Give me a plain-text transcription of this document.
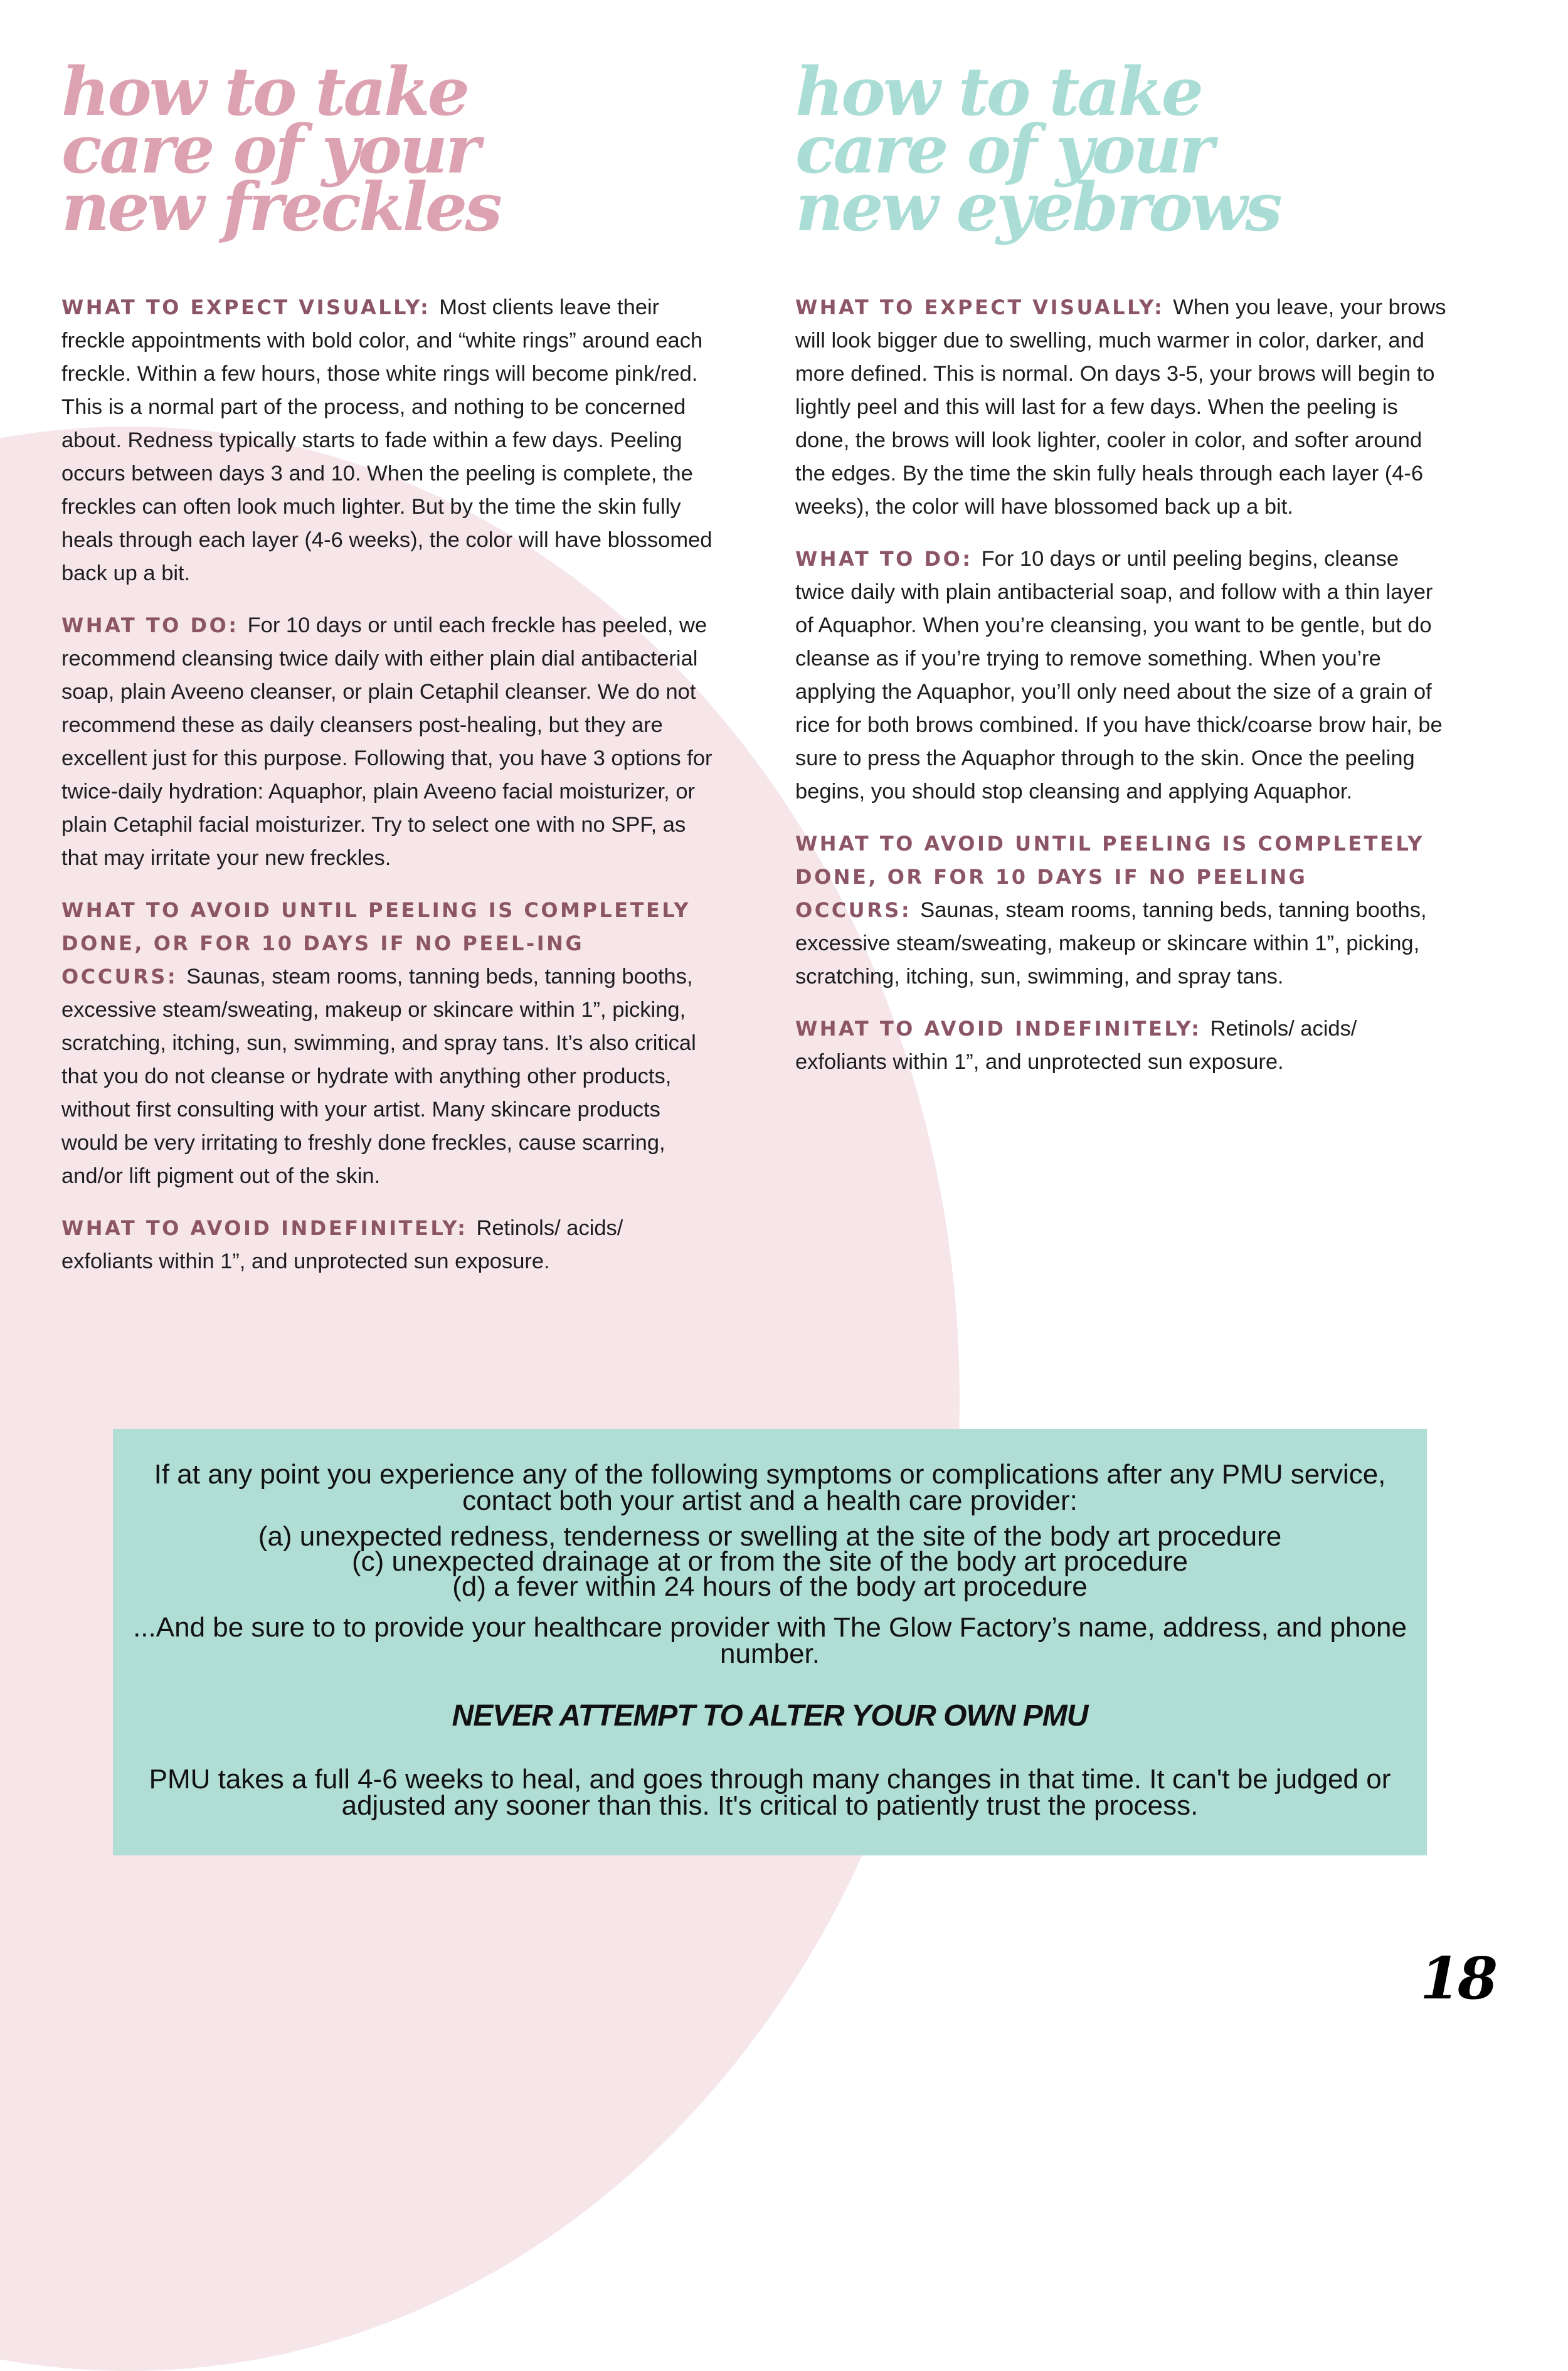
how to take
care of your
new freckles

WHAT TO EXPECT VISUALLY: Most clients leave their freckle appointments with bold color, and “white rings” around each freckle. Within a few hours, those white rings will become pink/red. This is a normal part of the process, and nothing to be concerned about. Redness typically starts to fade within a few days. Peeling occurs between days 3 and 10. When the peeling is complete, the freckles can often look much lighter. But by the time the skin fully heals through each layer (4-6 weeks), the color will have blossomed back up a bit.

WHAT TO DO: For 10 days or until each freckle has peeled, we recommend cleansing twice daily with either plain dial antibacterial soap, plain Aveeno cleanser, or plain Cetaphil cleanser. We do not recommend these as daily cleansers post-healing, but they are excellent just for this purpose. Following that, you have 3 options for twice-daily hydration: Aquaphor, plain Aveeno facial moisturizer, or plain Cetaphil facial moisturizer. Try to select one with no SPF, as that may irritate your new freckles.

WHAT TO AVOID UNTIL PEELING IS COMPLETELY DONE, OR FOR 10 DAYS IF NO PEEL-ING OCCURS: Saunas, steam rooms, tanning beds, tanning booths, excessive steam/sweating, makeup or skincare within 1”, picking, scratching, itching, sun, swimming, and spray tans. It’s also critical that you do not cleanse or hydrate with anything other products, without first consulting with your artist. Many skincare products would be very irritating to freshly done freckles, cause scarring, and/or lift pigment out of the skin.

WHAT TO AVOID INDEFINITELY: Retinols/ acids/ exfoliants within 1”, and unprotected sun exposure.

how to take
care of your
new eyebrows

WHAT TO EXPECT VISUALLY: When you leave, your brows will look bigger due to swelling, much warmer in color, darker, and more defined. This is normal. On days 3-5, your brows will begin to lightly peel and this will last for a few days. When the peeling is done, the brows will look lighter, cooler in color, and softer around the edges. By the time the skin fully heals through each layer (4-6 weeks), the color will have blossomed back up a bit.

WHAT TO DO: For 10 days or until peeling begins, cleanse twice daily with plain antibacterial soap, and follow with a thin layer of Aquaphor. When you’re cleansing, you want to be gentle, but do cleanse as if you’re trying to remove something. When you’re applying the Aquaphor, you’ll only need about the size of a grain of rice for both brows combined. If you have thick/coarse brow hair, be sure to press the Aquaphor through to the skin. Once the peeling begins, you should stop cleansing and applying Aquaphor.

WHAT TO AVOID UNTIL PEELING IS COMPLETELY DONE, OR FOR 10 DAYS IF NO PEELING OCCURS: Saunas, steam rooms, tanning beds, tanning booths, excessive steam/sweating, makeup or skincare within 1”, picking, scratching, itching, sun, swimming, and spray tans.

WHAT TO AVOID INDEFINITELY: Retinols/ acids/ exfoliants within 1”, and unprotected sun exposure.

If at any point you experience any of the following symptoms or complications after any PMU service, contact both your artist and a health care provider:

(a) unexpected redness, tenderness or swelling at the site of the body art procedure

(c) unexpected drainage at or from the site of the body art procedure

(d) a fever within 24 hours of the body art procedure

...And be sure to to provide your healthcare provider with The Glow Factory’s name, address, and phone number.

NEVER ATTEMPT TO ALTER YOUR OWN PMU

PMU takes a full 4-6 weeks to heal, and goes through many changes in that time. It can't be judged or adjusted any sooner than this. It's critical to patiently trust the process.

18
